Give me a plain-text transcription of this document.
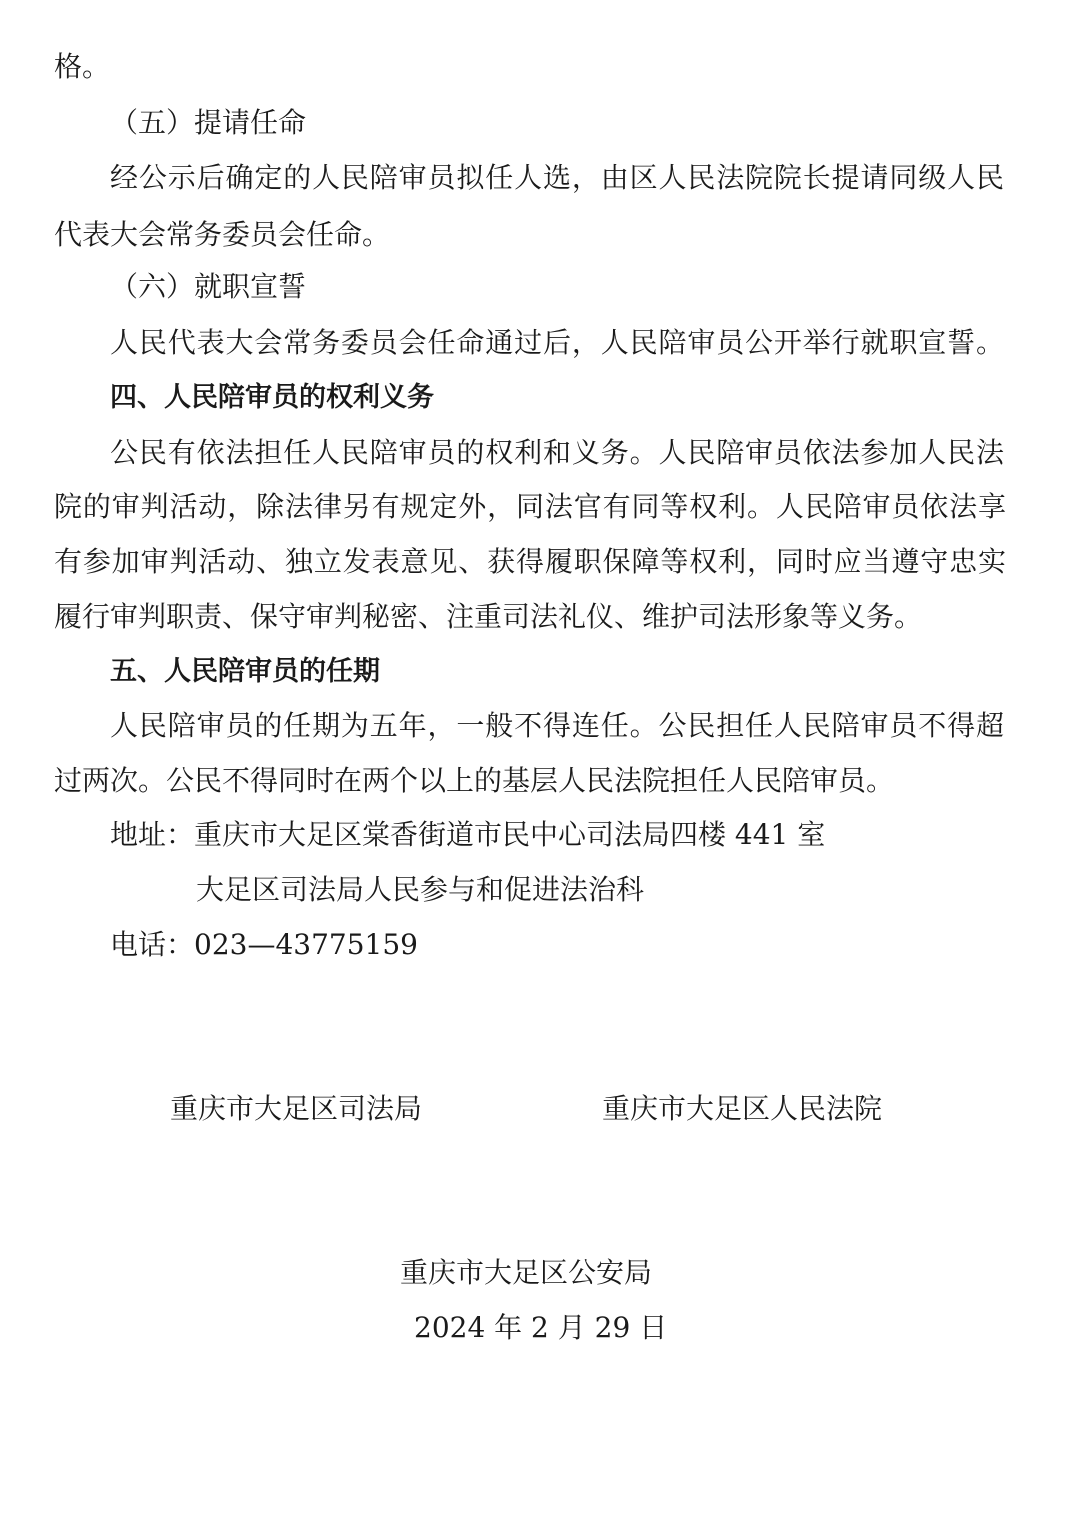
格。
（五）提请任命
经公示后确定的人民陪审员拟任人选，由区人民法院院长提请同级人民
代表大会常务委员会任命。
（六）就职宣誓
人民代表大会常务委员会任命通过后，人民陪审员公开举行就职宣誓。
四、人民陪审员的权利义务
公民有依法担任人民陪审员的权利和义务。人民陪审员依法参加人民法
院的审判活动，除法律另有规定外，同法官有同等权利。人民陪审员依法享
有参加审判活动、独立发表意见、获得履职保障等权利，同时应当遵守忠实
履行审判职责、保守审判秘密、注重司法礼仪、维护司法形象等义务。
五、人民陪审员的任期
人民陪审员的任期为五年，一般不得连任。公民担任人民陪审员不得超
过两次。公民不得同时在两个以上的基层人民法院担任人民陪审员。
地址：重庆市大足区棠香街道市民中心司法局四楼 441 室
大足区司法局人民参与和促进法治科
电话：023—43775159
重庆市大足区司法局	重庆市大足区人民法院
重庆市大足区公安局
2024 年 2 月 29 日
